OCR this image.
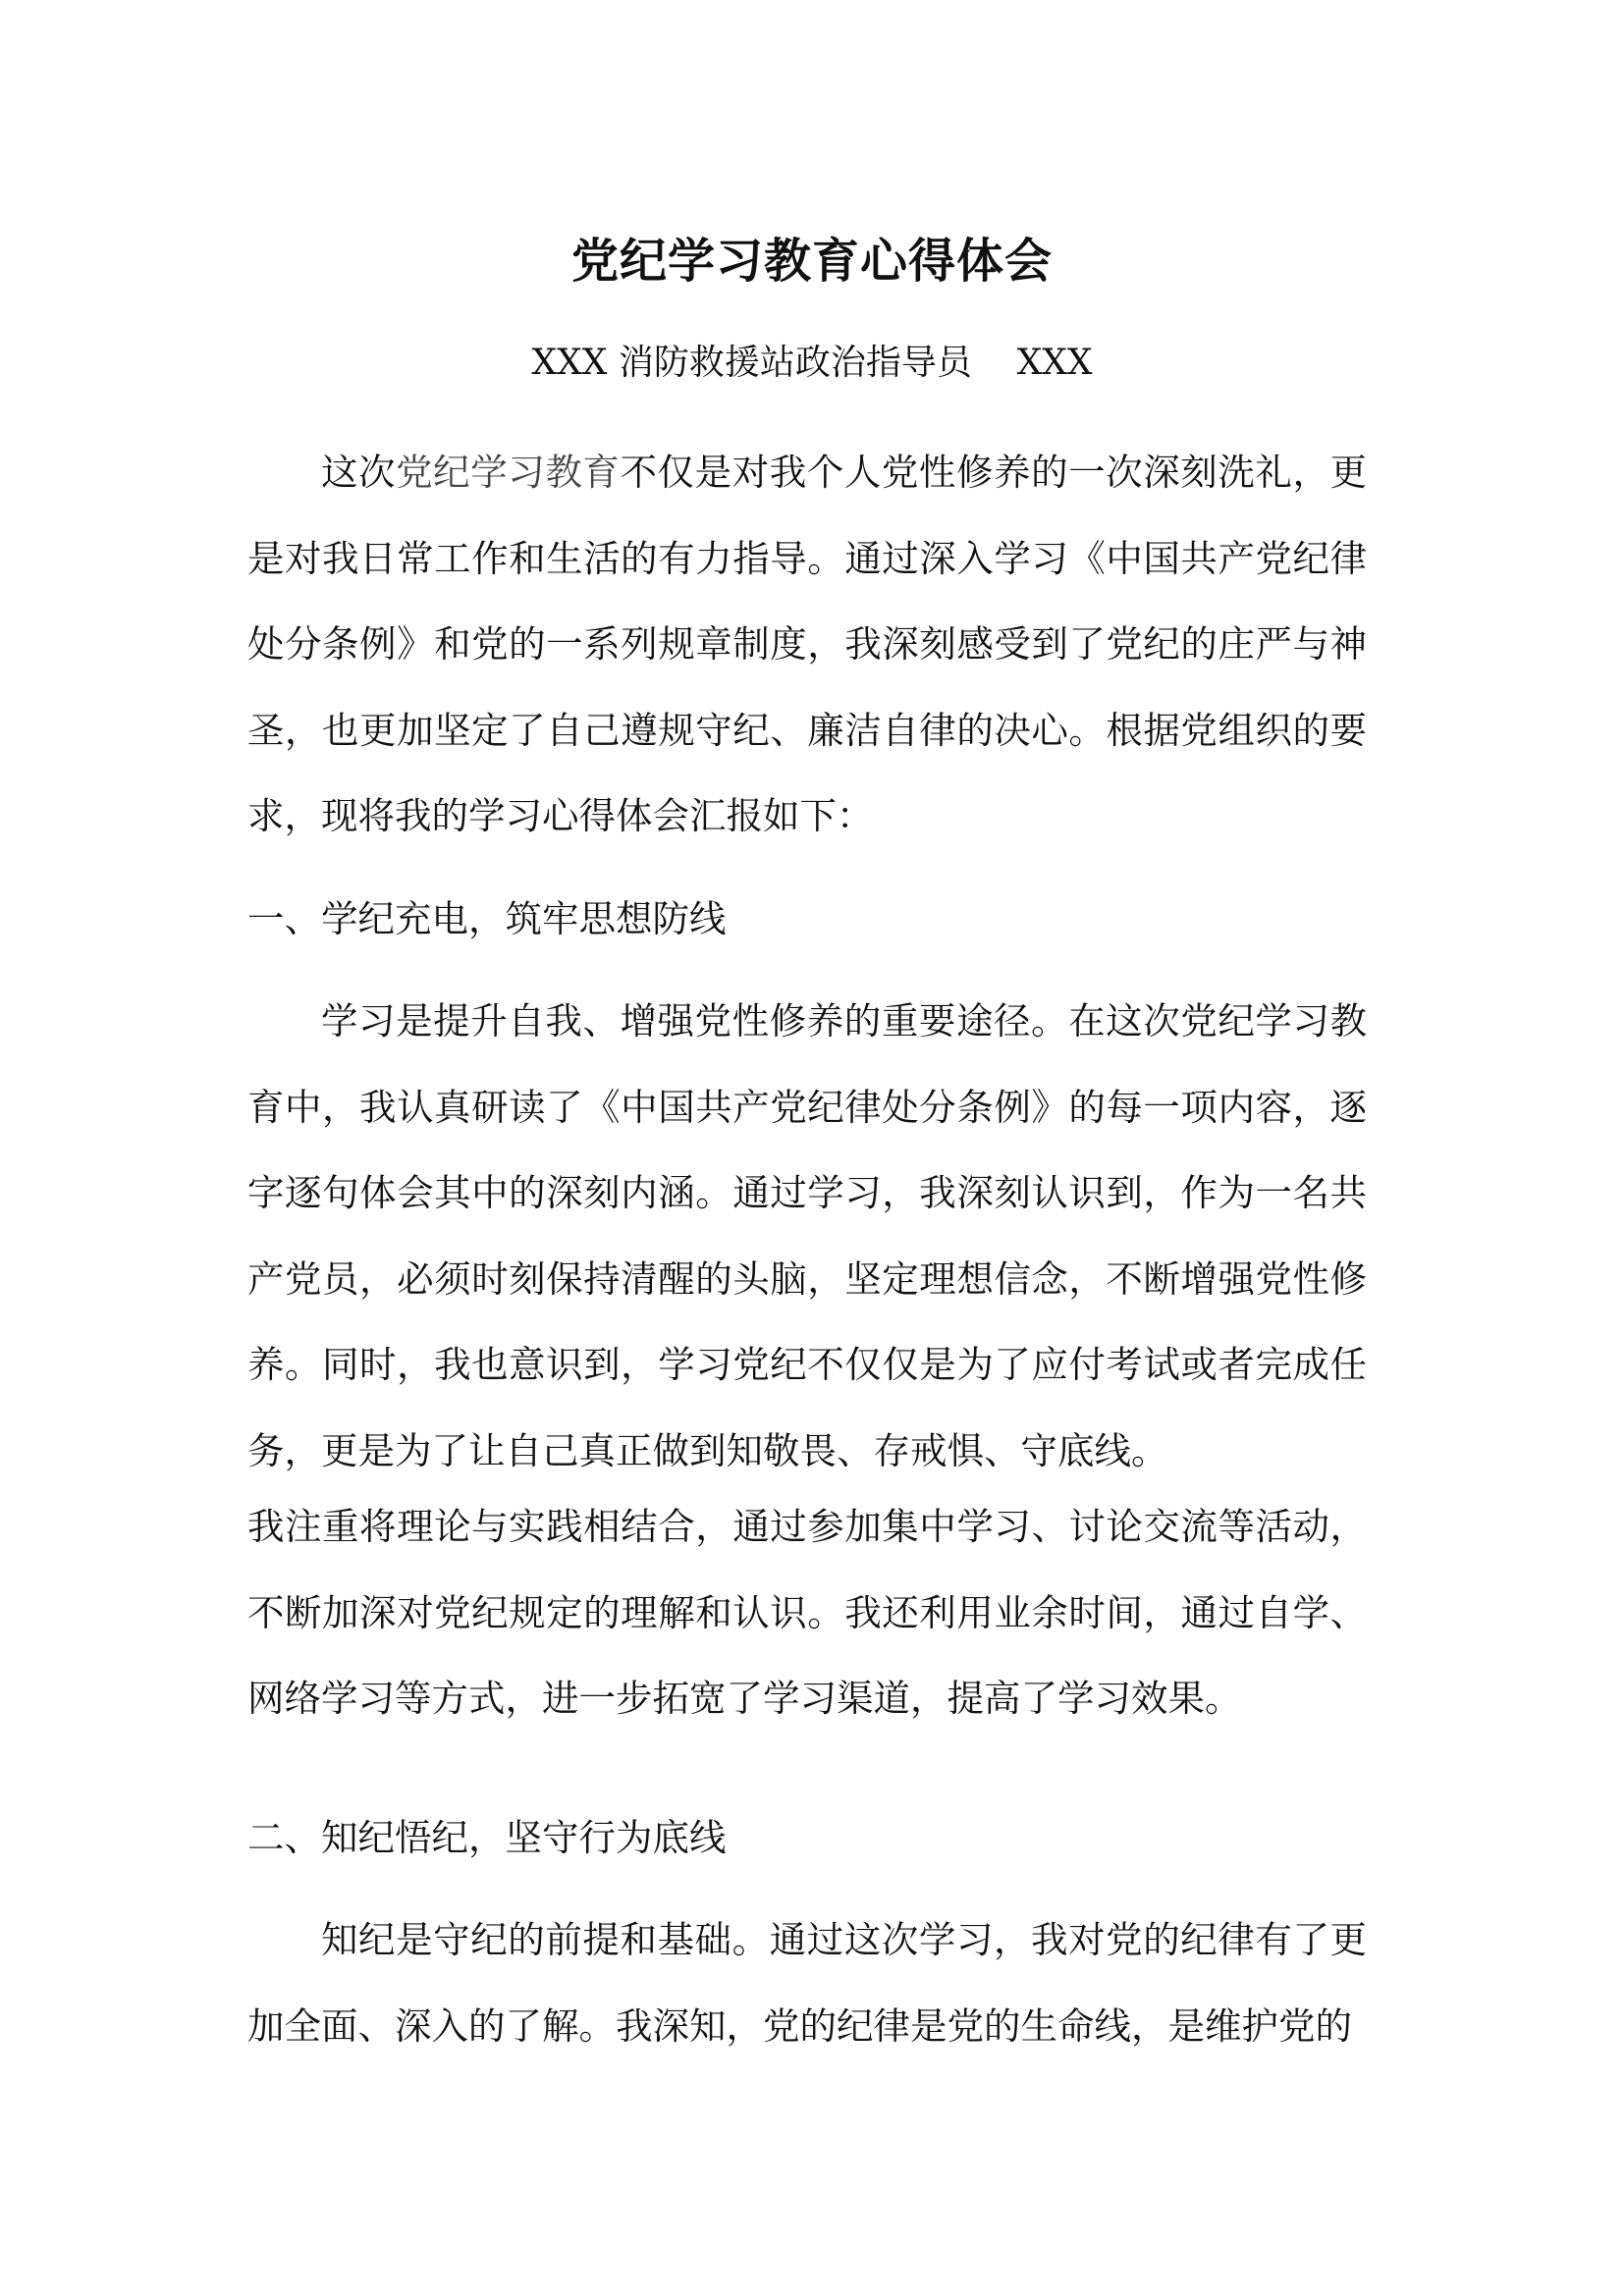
党纪学习教育心得体会
XXX 消防救援站政治指导员    XXX

这次党纪学习教育不仅是对我个人党性修养的一次深刻洗礼，更是对我日常工作和生活的有力指导。通过深入学习《中国共产党纪律处分条例》和党的一系列规章制度，我深刻感受到了党纪的庄严与神圣，也更加坚定了自己遵规守纪、廉洁自律的决心。根据党组织的要求，现将我的学习心得体会汇报如下：

一、学纪充电，筑牢思想防线

学习是提升自我、增强党性修养的重要途径。在这次党纪学习教育中，我认真研读了《中国共产党纪律处分条例》的每一项内容，逐字逐句体会其中的深刻内涵。通过学习，我深刻认识到，作为一名共产党员，必须时刻保持清醒的头脑，坚定理想信念，不断增强党性修养。同时，我也意识到，学习党纪不仅仅是为了应付考试或者完成任务，更是为了让自己真正做到知敬畏、存戒惧、守底线。

我注重将理论与实践相结合，通过参加集中学习、讨论交流等活动，不断加深对党纪规定的理解和认识。我还利用业余时间，通过自学、网络学习等方式，进一步拓宽了学习渠道，提高了学习效果。

二、知纪悟纪，坚守行为底线

知纪是守纪的前提和基础。通过这次学习，我对党的纪律有了更加全面、深入的了解。我深知，党的纪律是党的生命线，是维护党的
